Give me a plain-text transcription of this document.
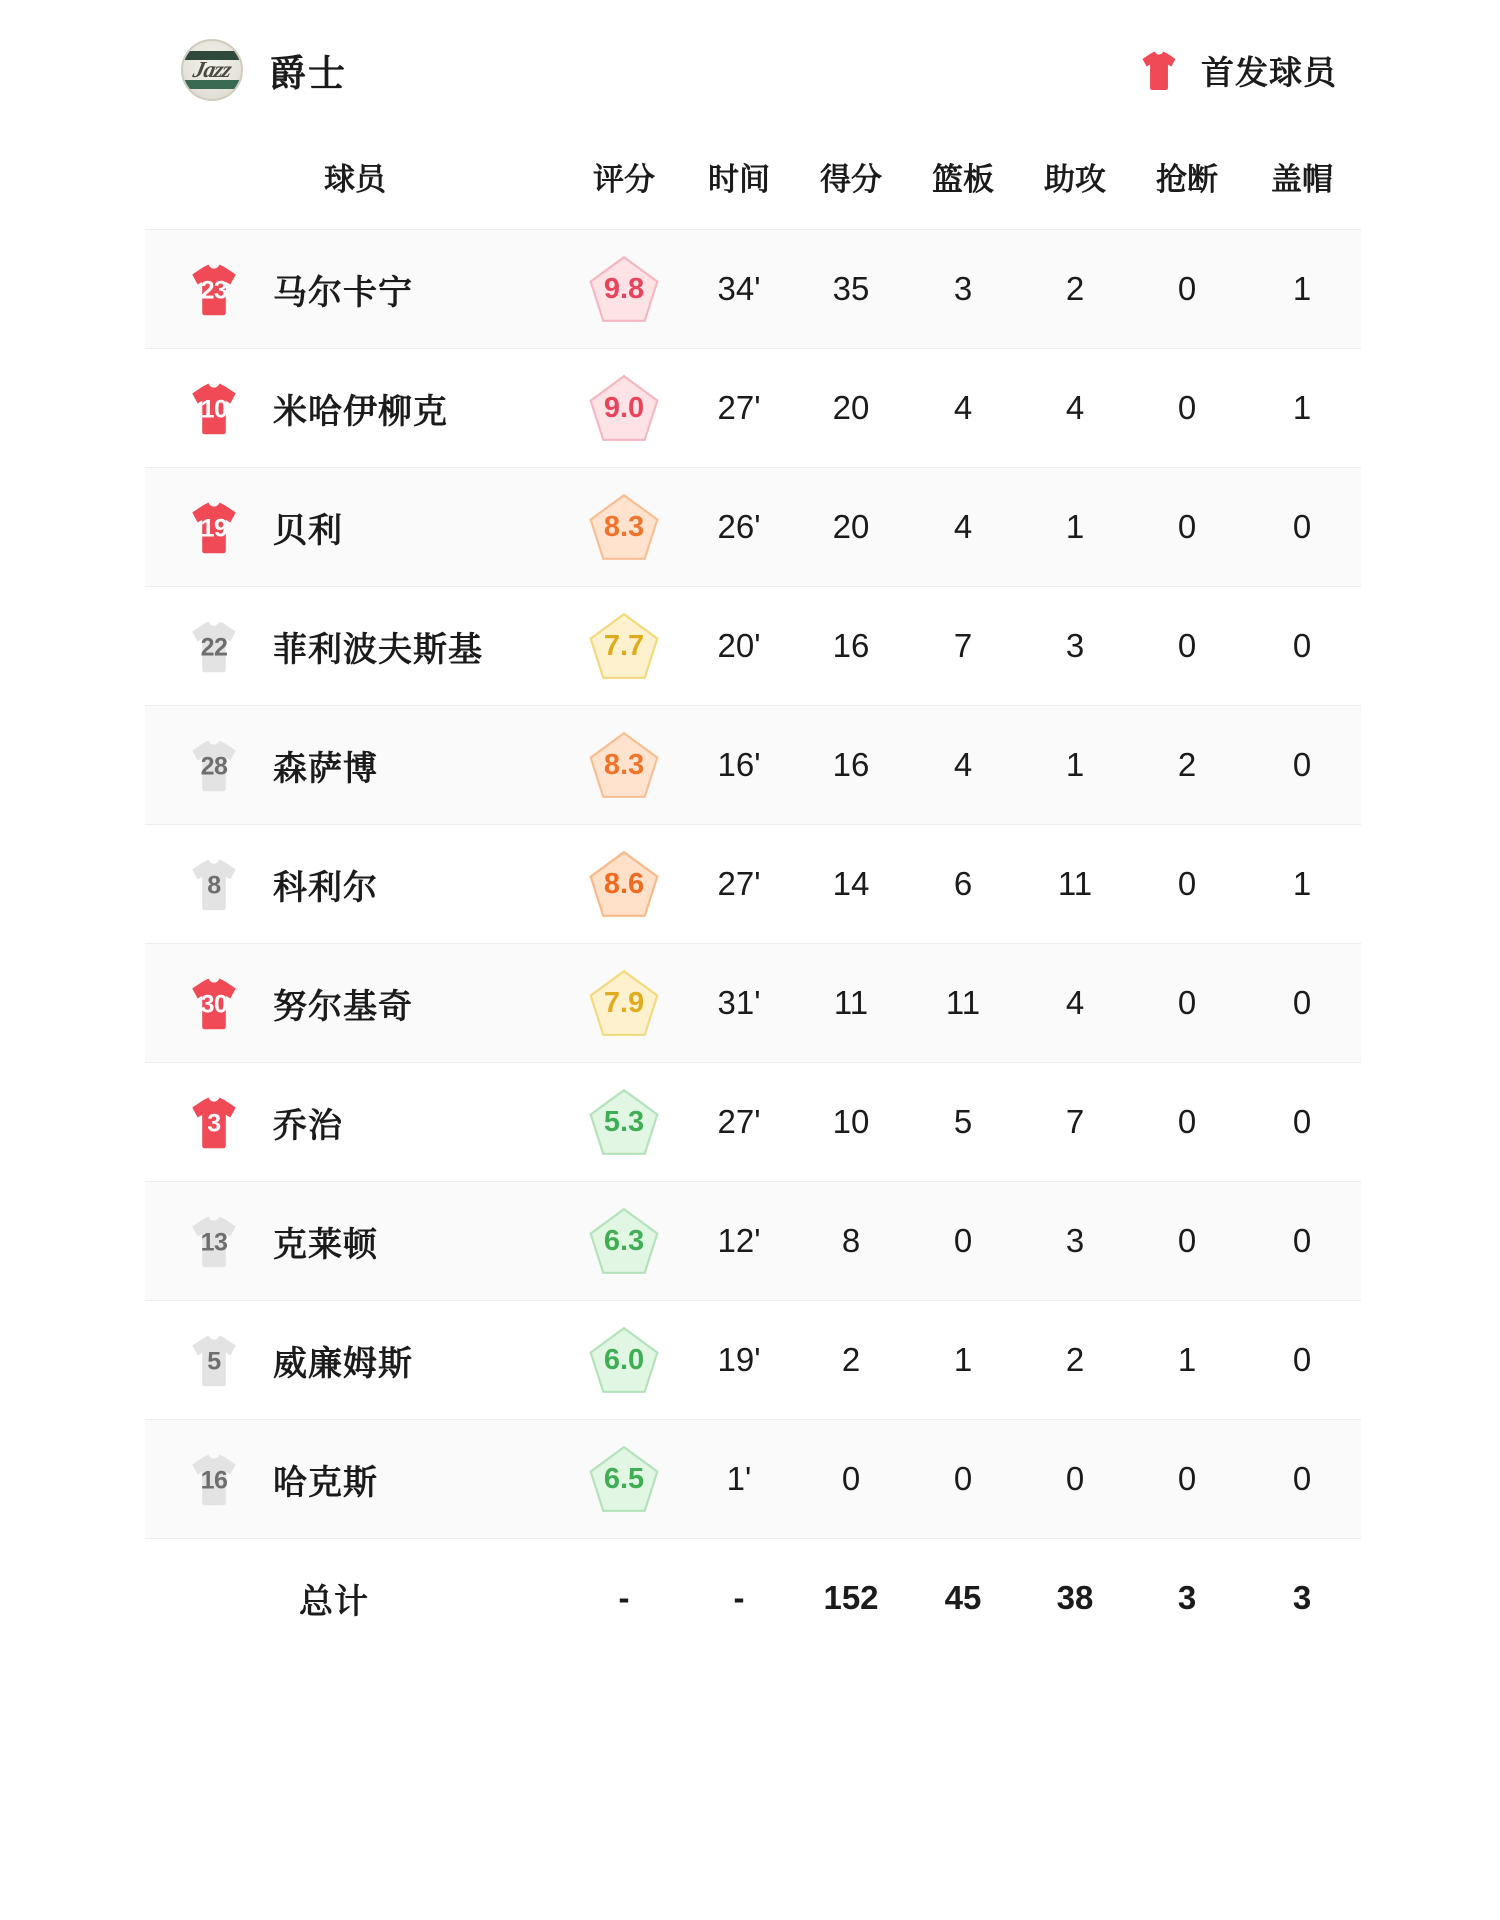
Jazz 爵士	首发球员
球员	评分	时间	得分	篮板	助攻	抢断	盖帽

23 马尔卡宁	9.8	34'	35	3	2	0	1

10 米哈伊柳克	9.0	27'	20	4	4	0	1

19 贝利	8.3	26'	20	4	1	0	0

22 菲利波夫斯基	7.7	20'	16	7	3	0	0

28 森萨博	8.3	16'	16	4	1	2	0

8 科利尔	8.6	27'	14	6	11	0	1

30 努尔基奇	7.9	31'	11	11	4	0	0

3 乔治	5.3	27'	10	5	7	0	0

13 克莱顿	6.3	12'	8	0	3	0	0

5 威廉姆斯	6.0	19'	2	1	2	1	0

16 哈克斯	6.5	1'	0	0	0	0	0

总计	-	-	152	45	38	3	3
